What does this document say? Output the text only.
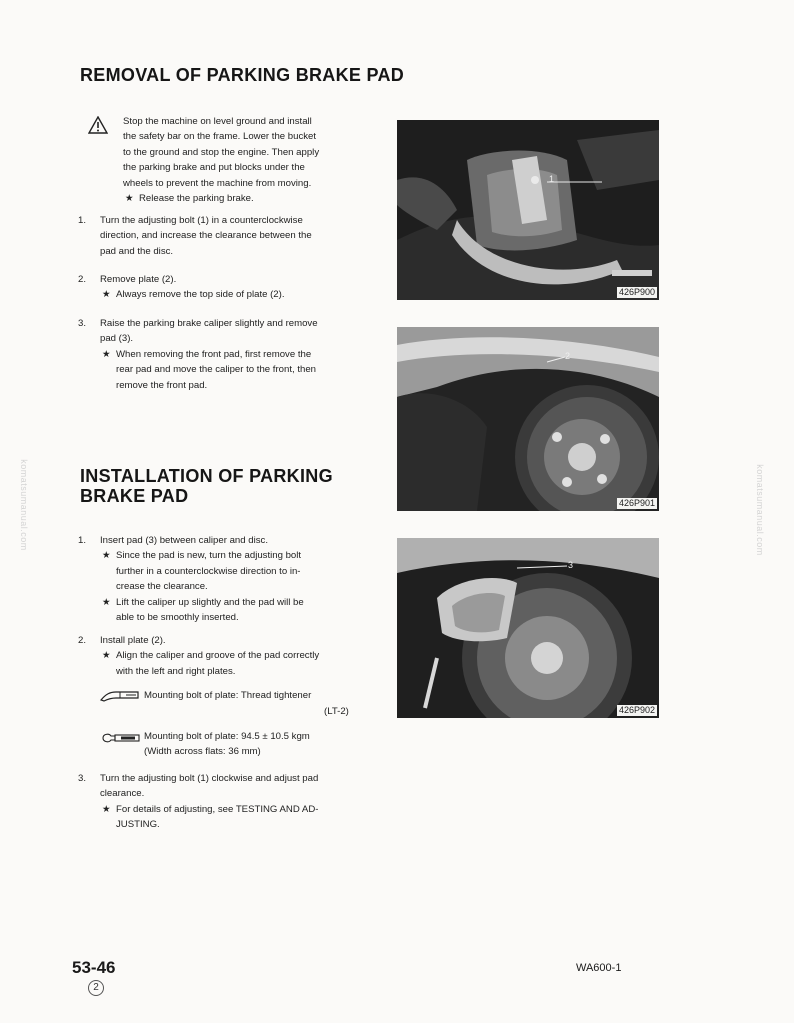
komatsumanual.com	komatsumanual.com
REMOVAL OF PARKING BRAKE PAD
Stop the machine on level ground and install
the safety bar on the frame. Lower the bucket
to the ground and stop the engine. Then apply
the parking brake and put blocks under the
wheels to prevent the machine from moving.
★ Release the parking brake.
1. Turn the adjusting bolt (1) in a counterclockwise
direction, and increase the clearance between the
pad and the disc.
2. Remove plate (2).
★ Always remove the top side of plate (2).
3. Raise the parking brake caliper slightly and remove
pad (3).
★ When removing the front pad, first remove the
rear pad and move the caliper to the front, then
remove the front pad.
INSTALLATION OF PARKING
BRAKE PAD
1. Insert pad (3) between caliper and disc.
★ Since the pad is new, turn the adjusting bolt
further in a counterclockwise direction to in-
crease the clearance.
★ Lift the caliper up slightly and the pad will be
able to be smoothly inserted.
2. Install plate (2).
★ Align the caliper and groove of the pad correctly
with the left and right plates.
Mounting bolt of plate: Thread tightener
(LT-2)
Mounting bolt of plate: 94.5 ± 10.5 kgm
(Width across flats: 36 mm)
3. Turn the adjusting bolt (1) clockwise and adjust pad
clearance.
★ For details of adjusting, see TESTING AND AD-
JUSTING.
1
426P900
2
426P901
3
426P902
53-46
2
WA600-1
